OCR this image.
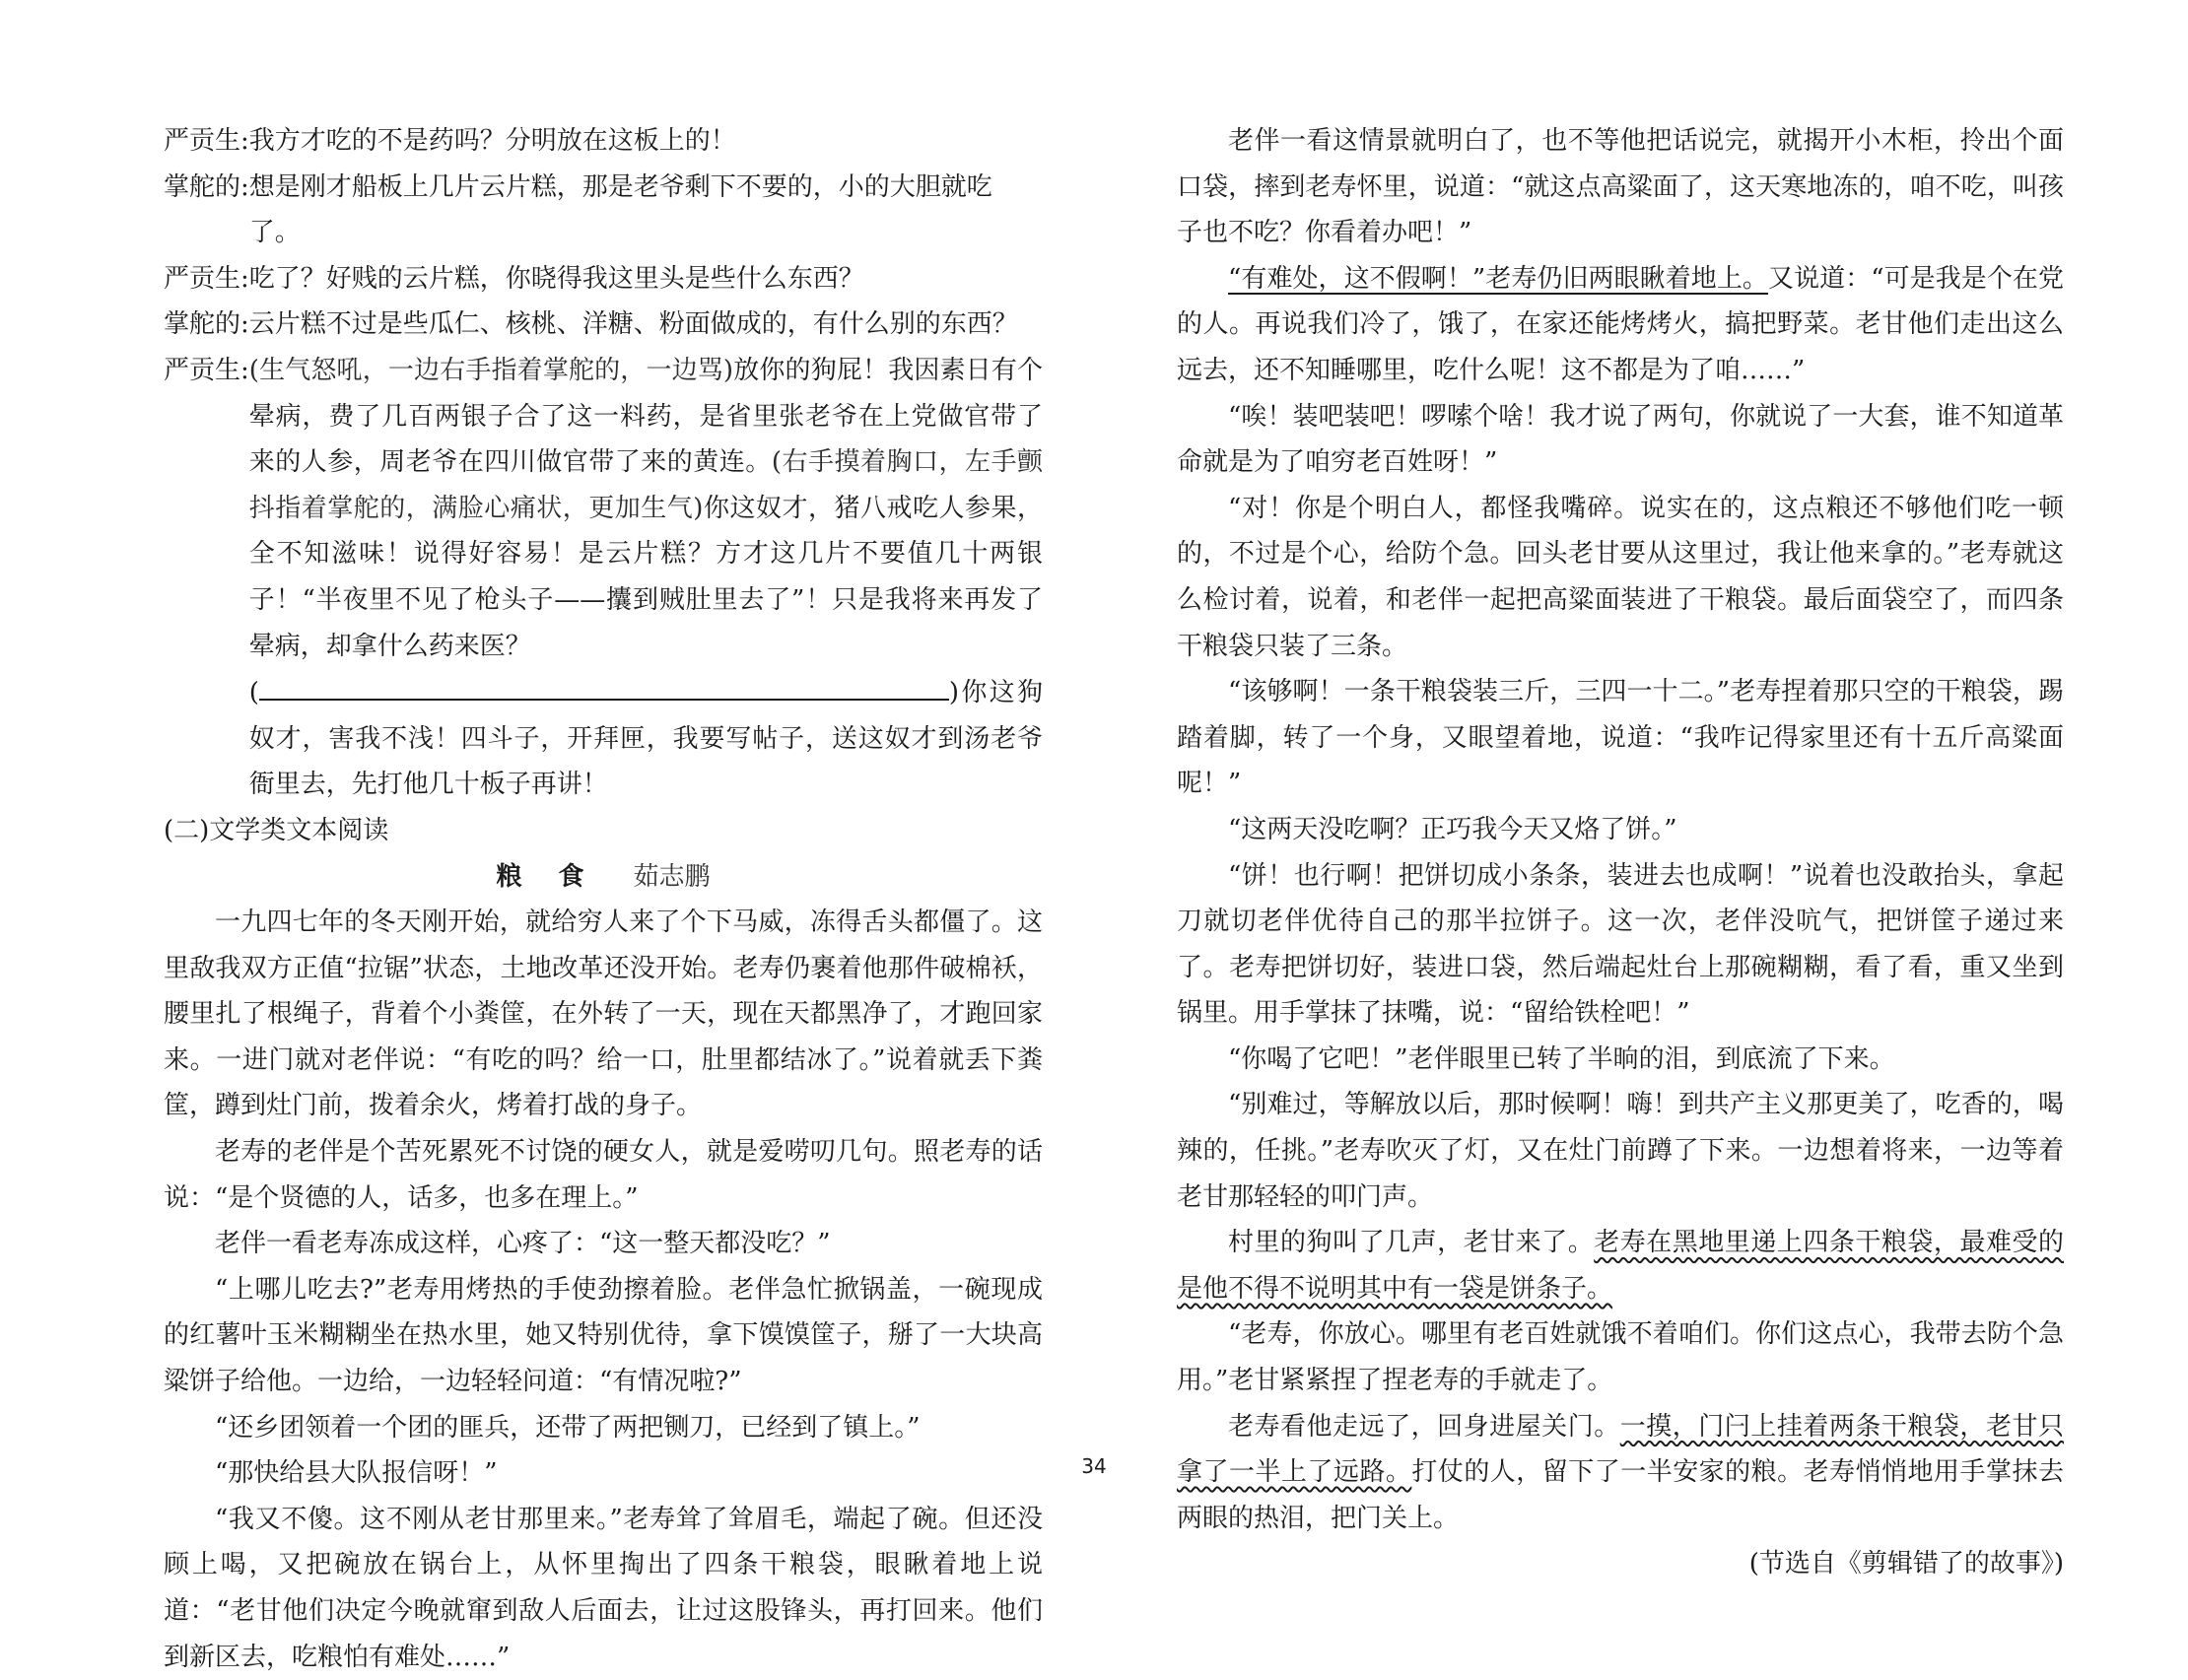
严贡生: 我方才吃的不是药吗？分明放在这板上的！

掌舵的: 想是刚才船板上几片云片糕，那是老爷剩下不要的，小的大胆就吃了。

严贡生: 吃了？好贱的云片糕，你晓得我这里头是些什么东西？

掌舵的: 云片糕不过是些瓜仁、核桃、洋糖、粉面做成的，有什么别的东西？

严贡生: (生气怒吼，一边右手指着掌舵的，一边骂)放你的狗屁！我因素日有个晕病，费了几百两银子合了这一料药，是省里张老爷在上党做官带了来的人参，周老爷在四川做官带了来的黄连。(右手摸着胸口，左手颤抖指着掌舵的，满脸心痛状，更加生气)你这奴才，猪八戒吃人参果，全不知滋味！说得好容易！是云片糕？方才这几片不要值几十两银子！“半夜里不见了枪头子——攮到贼肚里去了”！只是我将来再发了晕病，却拿什么药来医？
(	)你这狗奴才，害我不浅！四斗子，开拜匣，我要写帖子，送这奴才到汤老爷衙里去，先打他几十板子再讲！

(二)文学类文本阅读

粮 食 茹志鹏

一九四七年的冬天刚开始，就给穷人来了个下马威，冻得舌头都僵了。这里敌我双方正值“拉锯”状态，土地改革还没开始。老寿仍裹着他那件破棉袄，腰里扎了根绳子，背着个小粪筐，在外转了一天，现在天都黑净了，才跑回家来。一进门就对老伴说：“有吃的吗？给一口，肚里都结冰了。”说着就丢下粪筐，蹲到灶门前，拨着余火，烤着打战的身子。

老寿的老伴是个苦死累死不讨饶的硬女人，就是爱唠叨几句。照老寿的话说：“是个贤德的人，话多，也多在理上。”

老伴一看老寿冻成这样，心疼了：“这一整天都没吃？”

“上哪儿吃去?”老寿用烤热的手使劲擦着脸。老伴急忙掀锅盖，一碗现成的红薯叶玉米糊糊坐在热水里，她又特别优待，拿下馍馍筐子，掰了一大块高粱饼子给他。一边给，一边轻轻问道：“有情况啦?”

“还乡团领着一个团的匪兵，还带了两把铡刀，已经到了镇上。”

“那快给县大队报信呀！”

“我又不傻。这不刚从老甘那里来。”老寿耸了耸眉毛，端起了碗。但还没顾上喝，又把碗放在锅台上，从怀里掏出了四条干粮袋，眼瞅着地上说道：“老甘他们决定今晚就窜到敌人后面去，让过这股锋头，再打回来。他们到新区去，吃粮怕有难处……”

老伴一看这情景就明白了，也不等他把话说完，就揭开小木柜，拎出个面口袋，摔到老寿怀里，说道：“就这点高粱面了，这天寒地冻的，咱不吃，叫孩子也不吃？你看着办吧！”

“有难处，这不假啊！”老寿仍旧两眼瞅着地上。又说道：“可是我是个在党的人。再说我们冷了，饿了，在家还能烤烤火，搞把野菜。老甘他们走出这么远去，还不知睡哪里，吃什么呢！这不都是为了咱……”

“唉！装吧装吧！啰嗦个啥！我才说了两句，你就说了一大套，谁不知道革命就是为了咱穷老百姓呀！”

“对！你是个明白人，都怪我嘴碎。说实在的，这点粮还不够他们吃一顿的，不过是个心，给防个急。回头老甘要从这里过，我让他来拿的。”老寿就这么检讨着，说着，和老伴一起把高粱面装进了干粮袋。最后面袋空了，而四条干粮袋只装了三条。

“该够啊！一条干粮袋装三斤，三四一十二。”老寿捏着那只空的干粮袋，踢踏着脚，转了一个身，又眼望着地，说道：“我咋记得家里还有十五斤高粱面呢！”

“这两天没吃啊？正巧我今天又烙了饼。”

“饼！也行啊！把饼切成小条条，装进去也成啊！”说着也没敢抬头，拿起刀就切老伴优待自己的那半拉饼子。这一次，老伴没吭气，把饼筐子递过来了。老寿把饼切好，装进口袋，然后端起灶台上那碗糊糊，看了看，重又坐到锅里。用手掌抹了抹嘴，说：“留给铁栓吧！”

“你喝了它吧！”老伴眼里已转了半晌的泪，到底流了下来。

“别难过，等解放以后，那时候啊！嗨！到共产主义那更美了，吃香的，喝辣的，任挑。”老寿吹灭了灯，又在灶门前蹲了下来。一边想着将来，一边等着老甘那轻轻的叩门声。

村里的狗叫了几声，老甘来了。老寿在黑地里递上四条干粮袋，最难受的是他不得不说明其中有一袋是饼条子。

“老寿，你放心。哪里有老百姓就饿不着咱们。你们这点心，我带去防个急用。”老甘紧紧捏了捏老寿的手就走了。

老寿看他走远了，回身进屋关门。一摸，门闩上挂着两条干粮袋，老甘只拿了一半上了远路。打仗的人，留下了一半安家的粮。老寿悄悄地用手掌抹去两眼的热泪，把门关上。

(节选自《剪辑错了的故事》)

34
